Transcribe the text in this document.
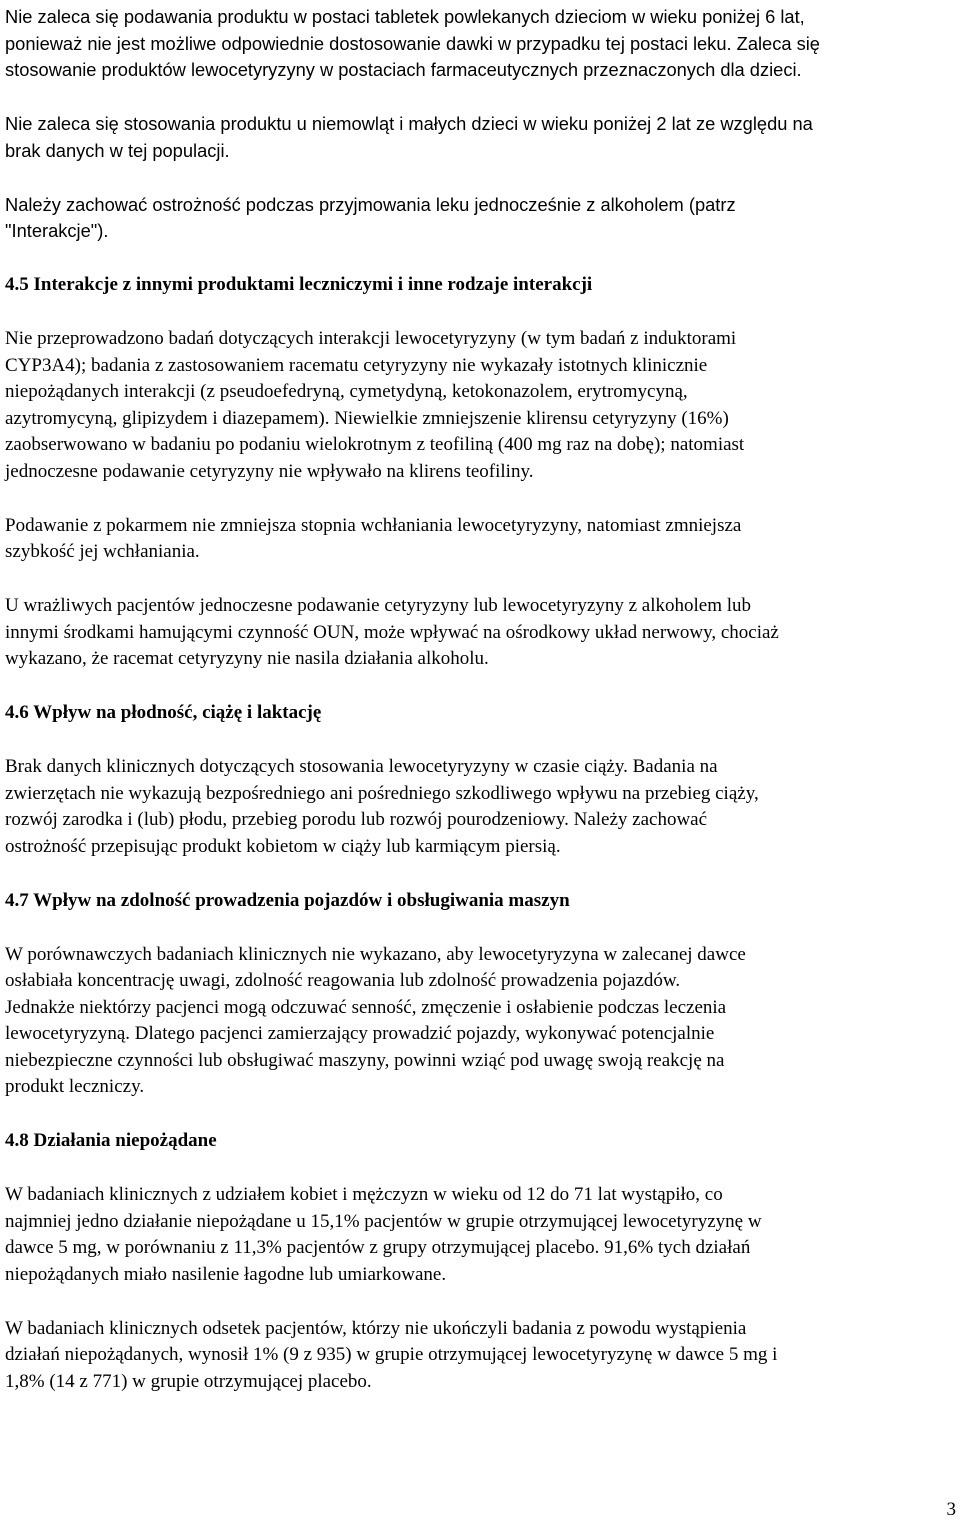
Nie zaleca się podawania produktu w postaci tabletek powlekanych dzieciom w wieku poniżej 6 lat,
ponieważ nie jest możliwe odpowiednie dostosowanie dawki w przypadku tej postaci leku. Zaleca się
stosowanie produktów lewocetyryzyny w postaciach farmaceutycznych przeznaczonych dla dzieci.

Nie zaleca się stosowania produktu u niemowląt i małych dzieci w wieku poniżej 2 lat ze względu na
brak danych w tej populacji.

Należy zachować ostrożność podczas przyjmowania leku jednocześnie z alkoholem (patrz
"Interakcje").

4.5 Interakcje z innymi produktami leczniczymi i inne rodzaje interakcji

Nie przeprowadzono badań dotyczących interakcji lewocetyryzyny (w tym badań z induktorami
CYP3A4); badania z zastosowaniem racematu cetyryzyny nie wykazały istotnych klinicznie
niepożądanych interakcji (z pseudoefedryną, cymetydyną, ketokonazolem, erytromycyną,
azytromycyną, glipizydem i diazepamem). Niewielkie zmniejszenie klirensu cetyryzyny (16%)
zaobserwowano w badaniu po podaniu wielokrotnym z teofiliną (400 mg raz na dobę); natomiast
jednoczesne podawanie cetyryzyny nie wpływało na klirens teofiliny.

Podawanie z pokarmem nie zmniejsza stopnia wchłaniania lewocetyryzyny, natomiast zmniejsza
szybkość jej wchłaniania.

U wrażliwych pacjentów jednoczesne podawanie cetyryzyny lub lewocetyryzyny z alkoholem lub
innymi środkami hamującymi czynność OUN, może wpływać na ośrodkowy układ nerwowy, chociaż
wykazano, że racemat cetyryzyny nie nasila działania alkoholu.

4.6 Wpływ na płodność, ciążę i laktację

Brak danych klinicznych dotyczących stosowania lewocetyryzyny w czasie ciąży. Badania na
zwierzętach nie wykazują bezpośredniego ani pośredniego szkodliwego wpływu na przebieg ciąży,
rozwój zarodka i (lub) płodu, przebieg porodu lub rozwój pourodzeniowy. Należy zachować
ostrożność przepisując produkt kobietom w ciąży lub karmiącym piersią.

4.7 Wpływ na zdolność prowadzenia pojazdów i obsługiwania maszyn

W porównawczych badaniach klinicznych nie wykazano, aby lewocetyryzyna w zalecanej dawce
osłabiała koncentrację uwagi, zdolność reagowania lub zdolność prowadzenia pojazdów.
Jednakże niektórzy pacjenci mogą odczuwać senność, zmęczenie i osłabienie podczas leczenia
lewocetyryzyną. Dlatego pacjenci zamierzający prowadzić pojazdy, wykonywać potencjalnie
niebezpieczne czynności lub obsługiwać maszyny, powinni wziąć pod uwagę swoją reakcję na
produkt leczniczy.

4.8 Działania niepożądane

W badaniach klinicznych z udziałem kobiet i mężczyzn w wieku od 12 do 71 lat wystąpiło, co
najmniej jedno działanie niepożądane u 15,1% pacjentów w grupie otrzymującej lewocetyryzynę w
dawce 5 mg, w porównaniu z 11,3% pacjentów z grupy otrzymującej placebo. 91,6% tych działań
niepożądanych miało nasilenie łagodne lub umiarkowane.

W badaniach klinicznych odsetek pacjentów, którzy nie ukończyli badania z powodu wystąpienia
działań niepożądanych, wynosił 1% (9 z 935) w grupie otrzymującej lewocetyryzynę w dawce 5 mg i
1,8% (14 z 771) w grupie otrzymującej placebo.

3
